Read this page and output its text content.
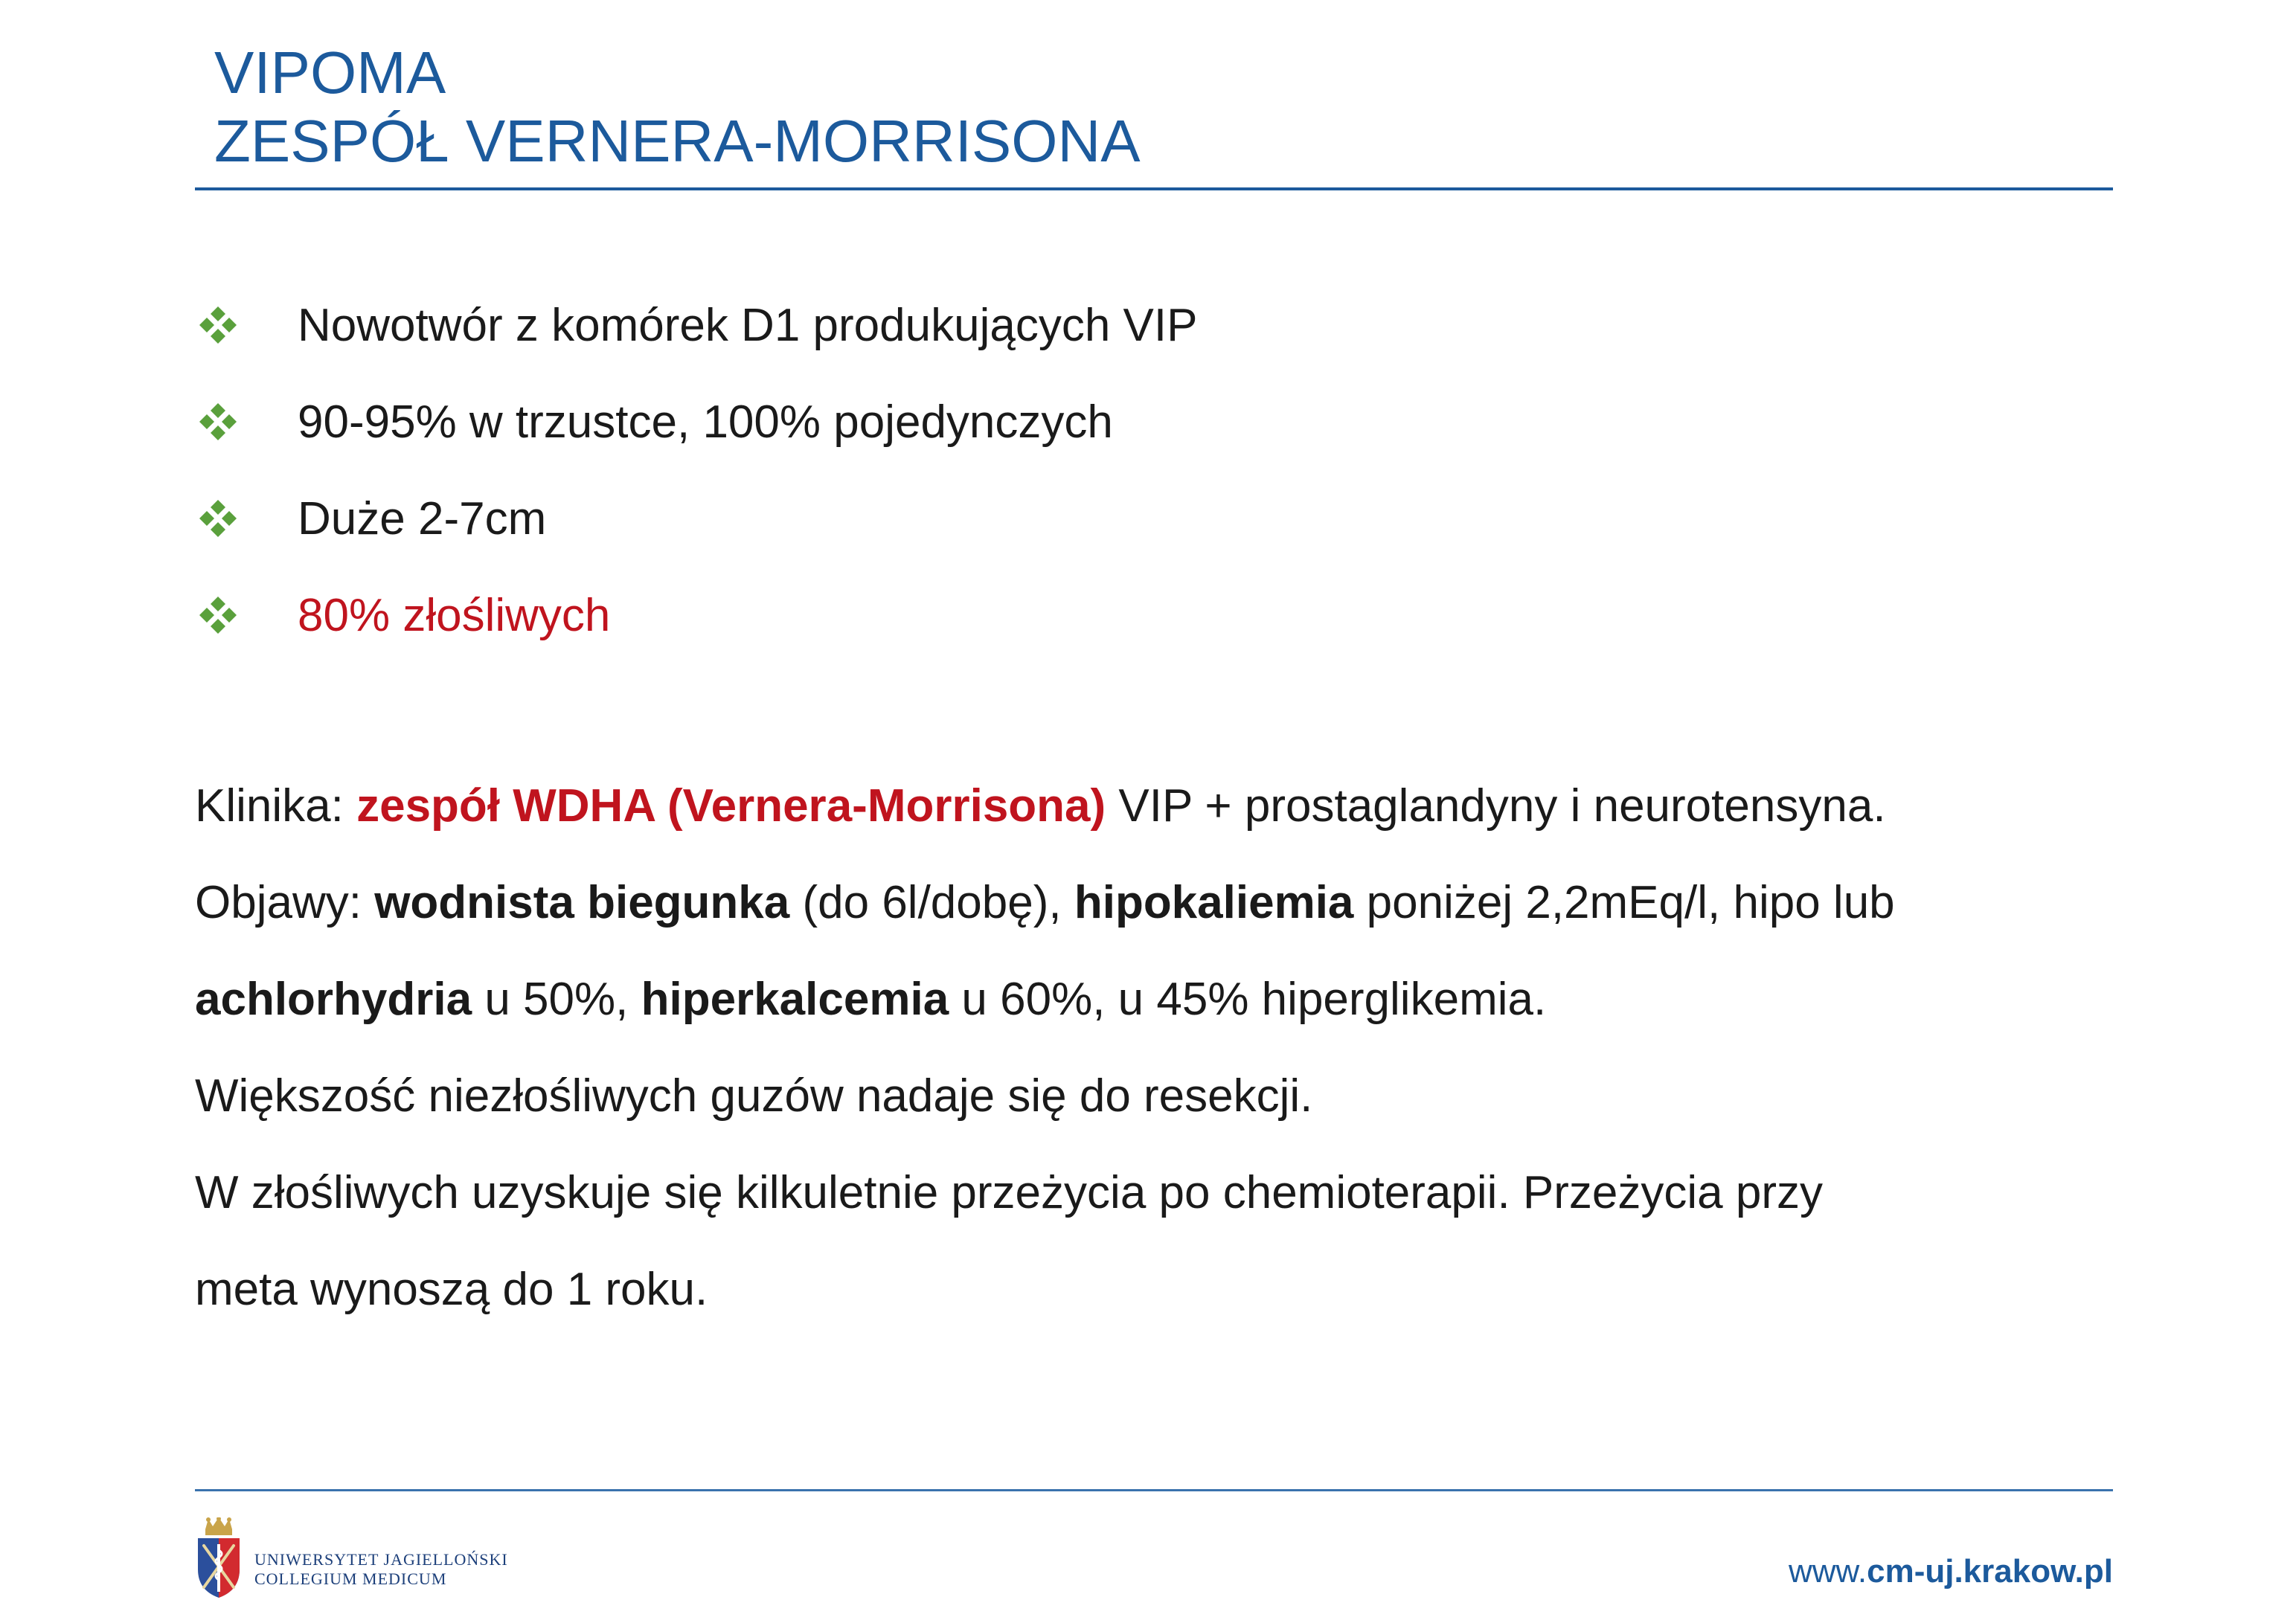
VIPOMA
ZESPÓŁ VERNERA-MORRISONA
Nowotwór z komórek D1 produkujących VIP
90-95% w trzustce, 100% pojedynczych
Duże 2-7cm
80% złośliwych
Klinika: zespół WDHA (Vernera-Morrisona) VIP + prostaglandyny i neurotensyna.
Objawy: wodnista biegunka (do 6l/dobę), hipokaliemia poniżej 2,2mEq/l, hipo lub
achlorhydria u 50%, hiperkalcemia u 60%, u 45% hiperglikemia.
Większość niezłośliwych guzów nadaje się do resekcji.
W złośliwych uzyskuje się kilkuletnie przeżycia po chemioterapii. Przeżycia przy
meta wynoszą do 1 roku.
UNIWERSYTET JAGIELLOŃSKI
COLLEGIUM MEDICUM	www.cm-uj.krakow.pl
